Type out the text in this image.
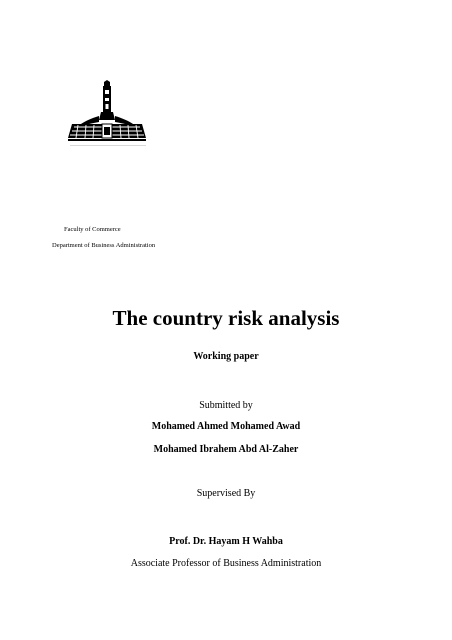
Faculty of Commerce
Department of Business Administration
The country risk analysis
Working paper
Submitted by
Mohamed Ahmed Mohamed Awad
Mohamed Ibrahem Abd Al-Zaher
Supervised By
Prof. Dr. Hayam H Wahba
Associate Professor of Business Administration
